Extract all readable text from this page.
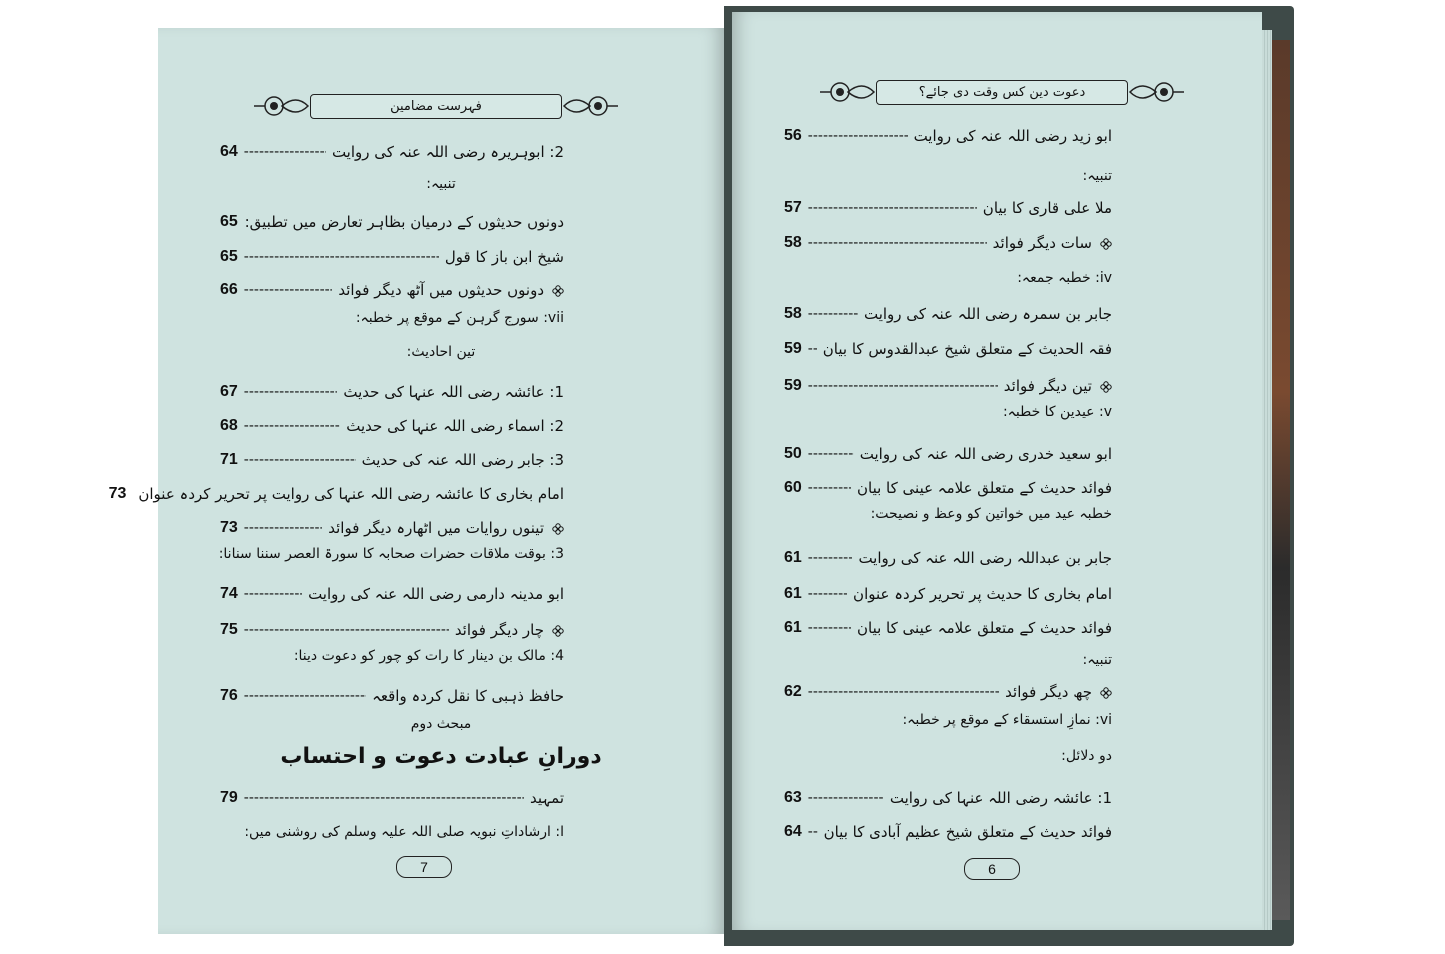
فہرست مضامین
2: ابوہریرہ رضی اللہ عنہ کی روایت
-----
64
تنبیہ:
دونوں حدیثوں کے درمیان بظاہر تعارض میں تطبیق:
65
شیخ ابن باز کا قول
-----
65
دونوں حدیثوں میں آٹھ دیگر فوائد
-----
66
vii: سورج گرہن کے موقع پر خطبہ:
تین احادیث:
1: عائشہ رضی اللہ عنہا کی حدیث
-----
67
2: اسماء رضی اللہ عنہا کی حدیث
-----
68
3: جابر رضی اللہ عنہ کی حدیث
-----
71
امام بخاری کا عائشہ رضی اللہ عنہا کی روایت پر تحریر کردہ عنوان
73
تینوں روایات میں اٹھارہ دیگر فوائد
-----
73
3: بوقت ملاقات حضرات صحابہ کا سورۃ العصر سننا سنانا:
ابو مدینہ دارمی رضی اللہ عنہ کی روایت
-----
74
چار دیگر فوائد
-----
75
4: مالک بن دینار کا رات کو چور کو دعوت دینا:
حافظ ذہبی کا نقل کردہ واقعہ
-----
76
مبحث دوم
دورانِ عبادت دعوت و احتساب
تمہید
-----
79
ا: ارشاداتِ نبویہ صلی اللہ علیہ وسلم کی روشنی میں:
7
دعوت دین کس وقت دی جائے؟
ابو زید رضی اللہ عنہ کی روایت
-----
56
تنبیہ:
ملا علی قاری کا بیان
-----
57
سات دیگر فوائد
-----
58
iv: خطبہ جمعہ:
جابر بن سمرہ رضی اللہ عنہ کی روایت
-----
58
فقہ الحدیث کے متعلق شیخ عبدالقدوس کا بیان
-----
59
تین دیگر فوائد
-----
59
v: عیدین کا خطبہ:
ابو سعید خدری رضی اللہ عنہ کی روایت
-----
50
فوائد حدیث کے متعلق علامہ عینی کا بیان
-----
60
خطبہ عید میں خواتین کو وعظ و نصیحت:
جابر بن عبداللہ رضی اللہ عنہ کی روایت
-----
61
امام بخاری کا حدیث پر تحریر کردہ عنوان
-----
61
فوائد حدیث کے متعلق علامہ عینی کا بیان
-----
61
تنبیہ:
چھ دیگر فوائد
-----
62
vi: نمازِ استسقاء کے موقع پر خطبہ:
دو دلائل:
1: عائشہ رضی اللہ عنہا کی روایت
-----
63
فوائد حدیث کے متعلق شیخ عظیم آبادی کا بیان
-----
64
6
